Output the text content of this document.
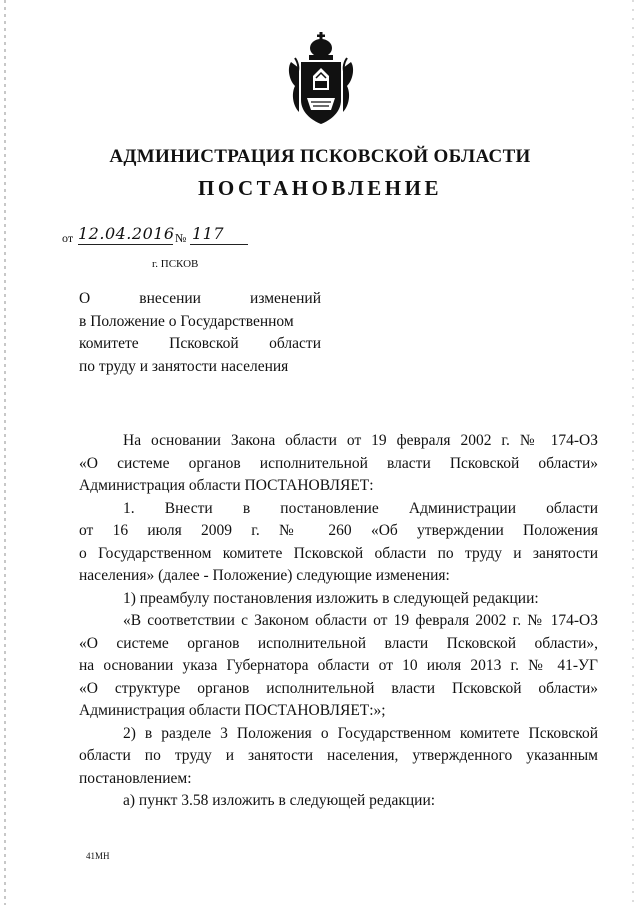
АДМИНИСТРАЦИЯ ПСКОВСКОЙ ОБЛАСТИ
ПОСТАНОВЛЕНИЕ
от 12.04.2016 № 117
г. ПСКОВ
О внесении изменений
в Положение о Государственном
комитете Псковской области
по труду и занятости населения
На основании Закона области от 19 февраля 2002 г. № 174-ОЗ
«О системе органов исполнительной власти Псковской области»
Администрация области ПОСТАНОВЛЯЕТ:
1. Внести в постановление Администрации области
от 16 июля 2009 г. № 260 «Об утверждении Положения
о Государственном комитете Псковской области по труду и занятости
населения» (далее - Положение) следующие изменения:
1) преамбулу постановления изложить в следующей редакции:
«В соответствии с Законом области от 19 февраля 2002 г. № 174-ОЗ
«О системе органов исполнительной власти Псковской области»,
на основании указа Губернатора области от 10 июля 2013 г. № 41-УГ
«О структуре органов исполнительной власти Псковской области»
Администрация области ПОСТАНОВЛЯЕТ:»;
2) в разделе 3 Положения о Государственном комитете Псковской
области по труду и занятости населения, утвержденного указанным
постановлением:
а) пункт 3.58 изложить в следующей редакции:
41МН
